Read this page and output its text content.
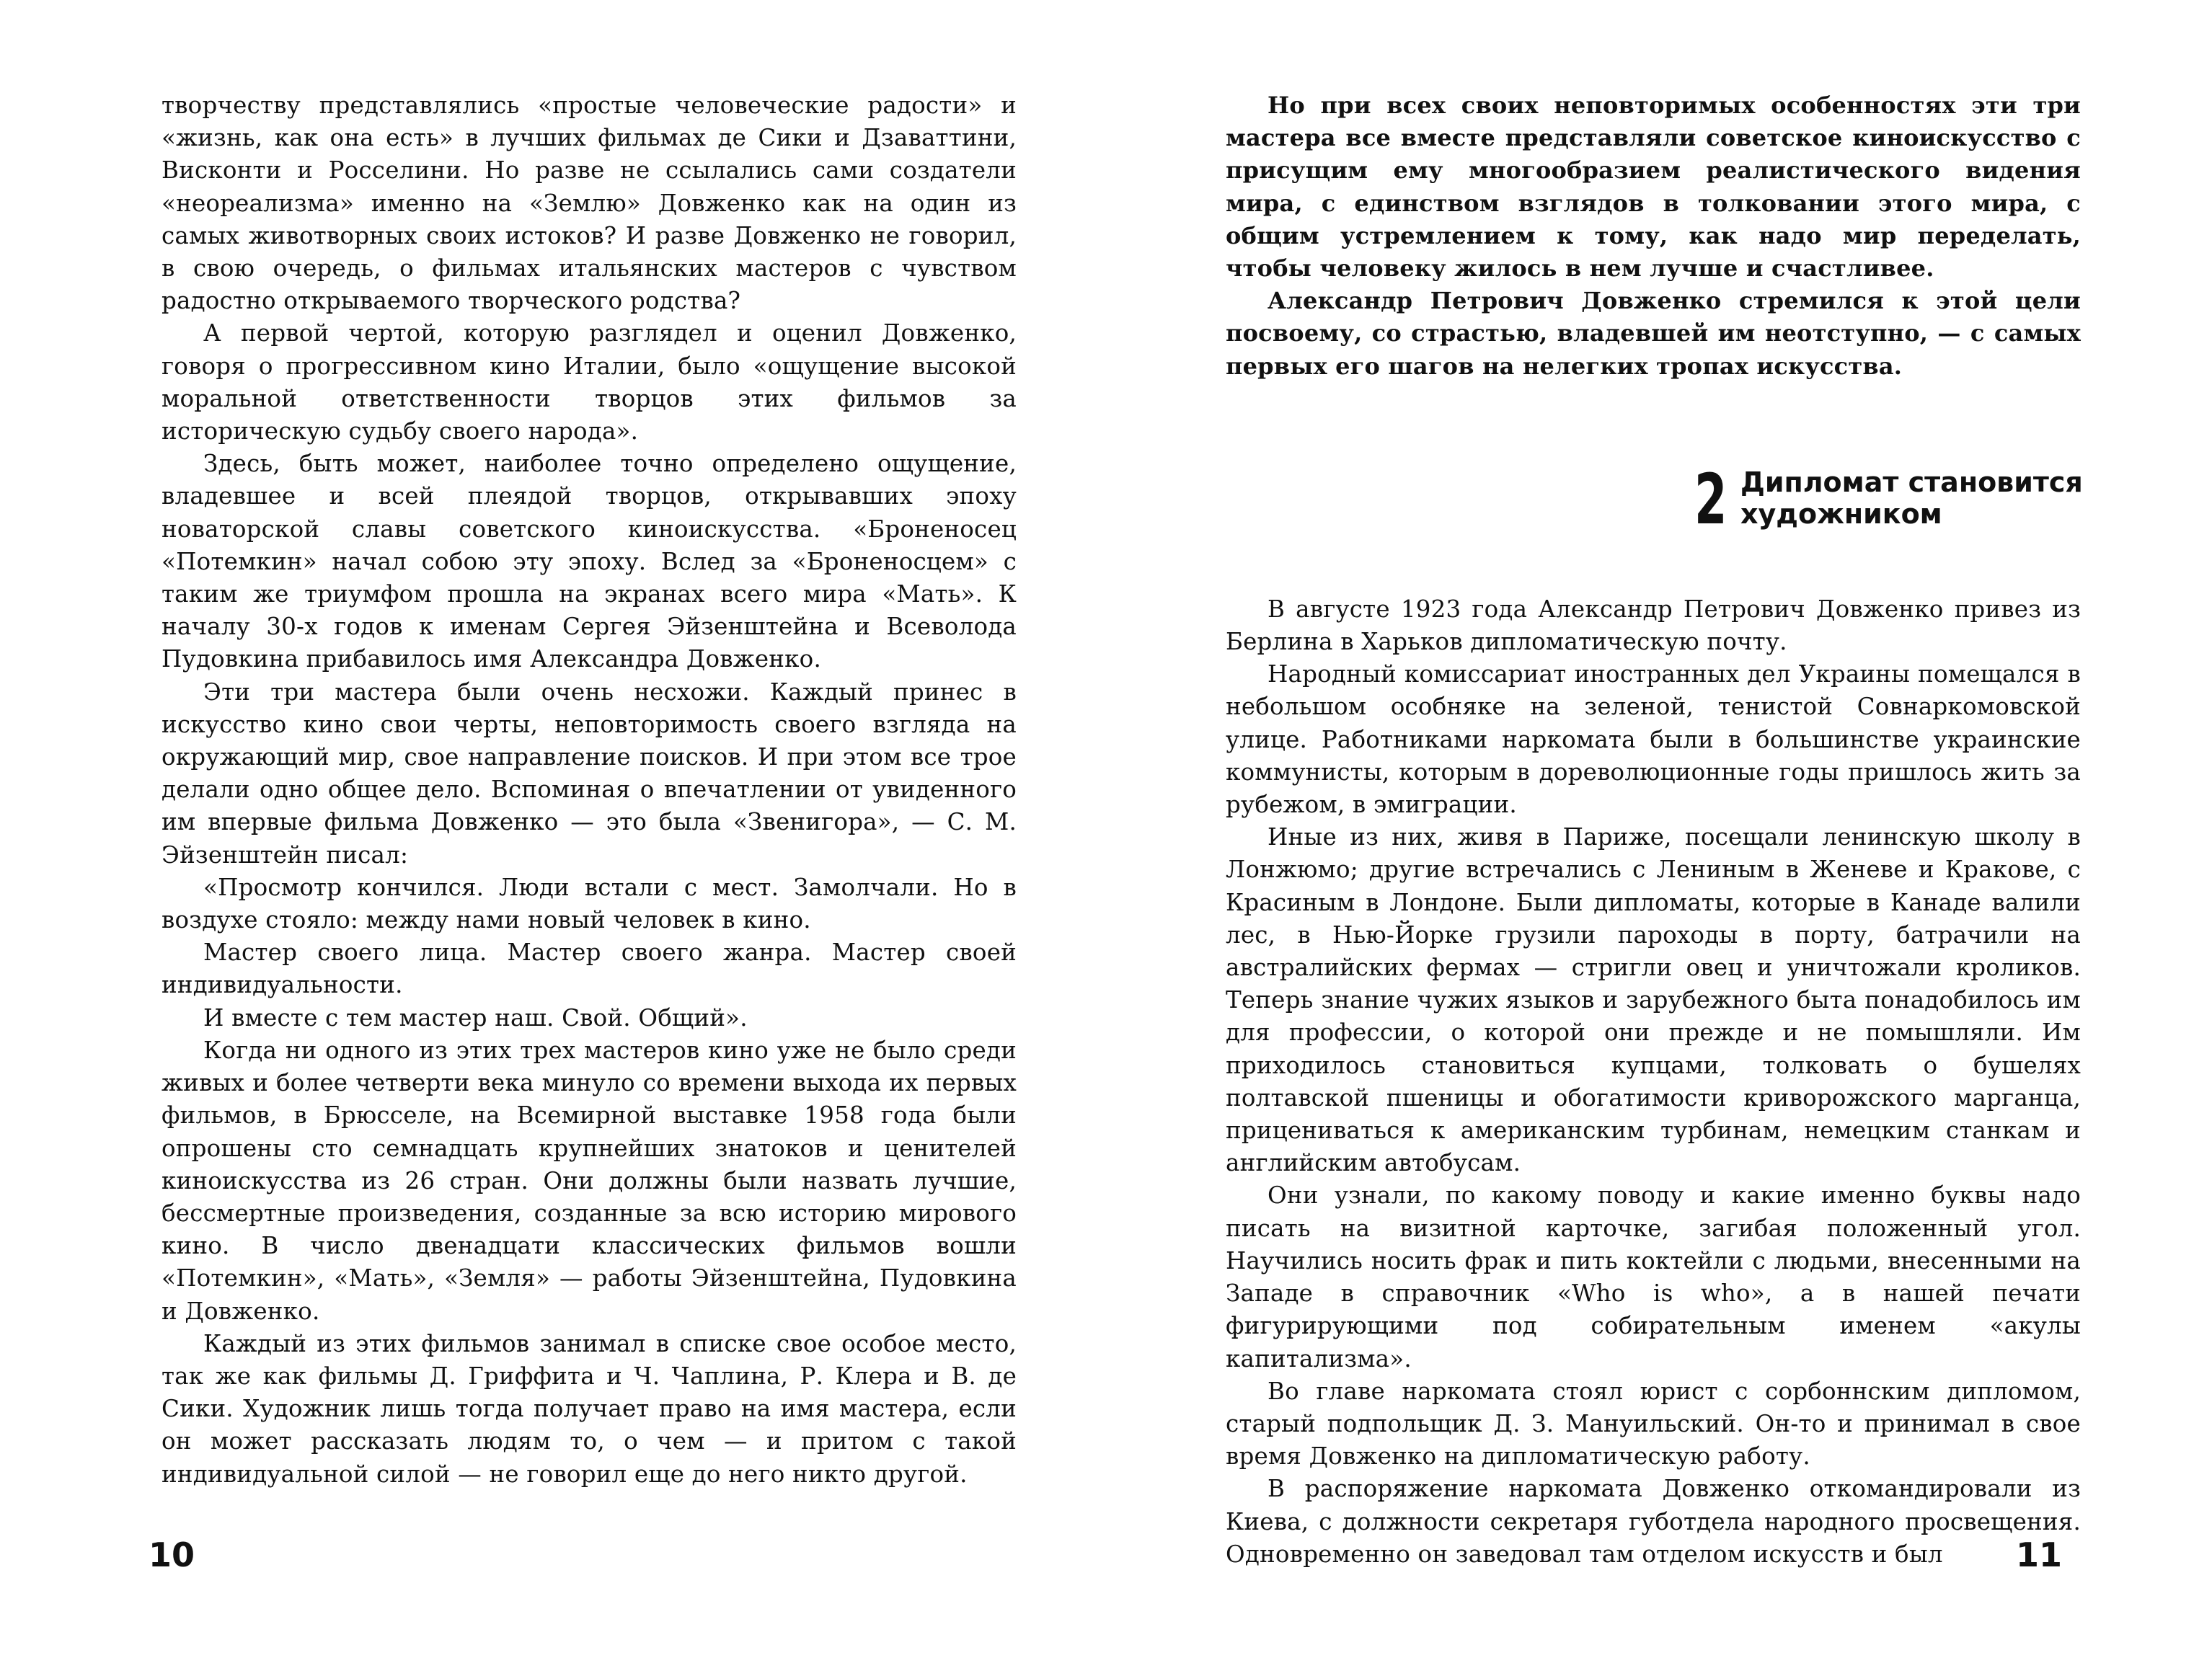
творчеству представлялись «простые человеческие радости» и «жизнь, как она есть» в лучших фильмах де Сики и Дзаваттини, Висконти и Росселини. Но разве не ссылались сами создатели «неореализма» именно на «Землю» Довженко как на один из самых животворных своих истоков? И разве Довженко не говорил, в свою очередь, о фильмах итальянских мастеров с чувством радостно открываемого творческого родства?

А первой чертой, которую разглядел и оценил Довженко, говоря о прогрессивном кино Италии, было «ощущение высокой моральной ответственности творцов этих фильмов за историческую судьбу своего народа».

Здесь, быть может, наиболее точно определено ощущение, владевшее и всей плеядой творцов, открывавших эпоху новаторской славы советского киноискусства. «Броненосец «Потемкин» начал собою эту эпоху. Вслед за «Броненосцем» с таким же триумфом прошла на экранах всего мира «Мать». К началу 30-х годов к именам Сергея Эйзенштейна и Всеволода Пудовкина прибавилось имя Александра Довженко.

Эти три мастера были очень несхожи. Каждый принес в искусство кино свои черты, неповторимость своего взгляда на окружающий мир, свое направление поисков. И при этом все трое делали одно общее дело. Вспоминая о впечатлении от увиденного им впервые фильма Довженко — это была «Звенигора», — С. М. Эйзенштейн писал:

«Просмотр кончился. Люди встали с мест. Замолчали. Но в воздухе стояло: между нами новый человек в кино.

Мастер своего лица. Мастер своего жанра. Мастер своей индивидуальности.

И вместе с тем мастер наш. Свой. Общий».

Когда ни одного из этих трех мастеров кино уже не было среди живых и более четверти века минуло со времени выхода их первых фильмов, в Брюсселе, на Всемирной выставке 1958 года были опрошены сто семнадцать крупнейших знатоков и ценителей киноискусства из 26 стран. Они должны были назвать лучшие, бессмертные произведения, созданные за всю историю мирового кино. В число двенадцати классических фильмов вошли «Потемкин», «Мать», «Земля» — работы Эйзенштейна, Пудовкина и Довженко.

Каждый из этих фильмов занимал в списке свое особое место, так же как фильмы Д. Гриффита и Ч. Чаплина, Р. Клера и В. де Сики. Художник лишь тогда получает право на имя мастера, если он может рассказать людям то, о чем — и притом с такой индивидуальной силой — не говорил еще до него никто другой.

10

Но при всех своих неповторимых особенностях эти три мастера все вместе представляли советское киноискусство с присущим ему многообразием реалистического видения мира, с единством взглядов в толковании этого мира, с общим устремлением к тому, как надо мир переделать, чтобы человеку жилось в нем лучше и счастливее.

Александр Петрович Довженко стремился к этой цели посвоему, со страстью, владевшей им неотступно, — с самых первых его шагов на нелегких тропах искусства.

2 Дипломат становится
художником

В августе 1923 года Александр Петрович Довженко привез из Берлина в Харьков дипломатическую почту.

Народный комиссариат иностранных дел Украины помещался в небольшом особняке на зеленой, тенистой Совнаркомовской улице. Работниками наркомата были в большинстве украинские коммунисты, которым в дореволюционные годы пришлось жить за рубежом, в эмиграции.

Иные из них, живя в Париже, посещали ленинскую школу в Лонжюмо; другие встречались с Лениным в Женеве и Кракове, с Красиным в Лондоне. Были дипломаты, которые в Канаде валили лес, в Нью-Йорке грузили пароходы в порту, батрачили на австралийских фермах — стригли овец и уничтожали кроликов. Теперь знание чужих языков и зарубежного быта понадобилось им для профессии, о которой они прежде и не помышляли. Им приходилось становиться купцами, толковать о бушелях полтавской пшеницы и обогатимости криворожского марганца, прицениваться к американским турбинам, немецким станкам и английским автобусам.

Они узнали, по какому поводу и какие именно буквы надо писать на визитной карточке, загибая положенный угол. Научились носить фрак и пить коктейли с людьми, внесенными на Западе в справочник «Who is who», а в нашей печати фигурирующими под собирательным именем «акулы капитализма».

Во главе наркомата стоял юрист с сорбоннским дипломом, старый подпольщик Д. З. Мануильский. Он-то и принимал в свое время Довженко на дипломатическую работу.

В распоряжение наркомата Довженко откомандировали из Киева, с должности секретаря губотдела народного просвещения. Одновременно он заведовал там отделом искусств и был	11
